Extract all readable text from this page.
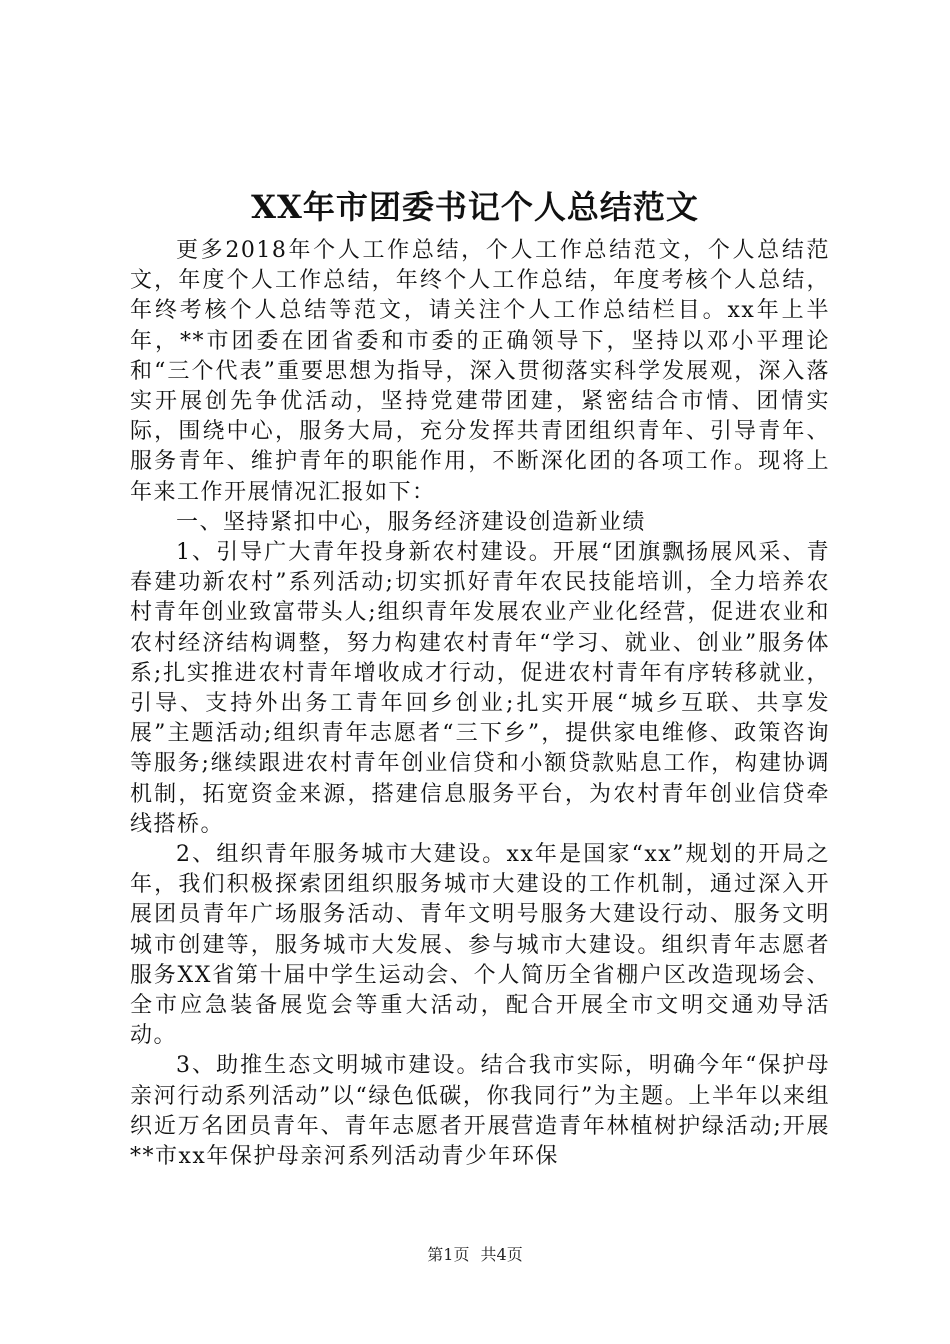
XX年市团委书记个人总结范文

更多2018年个人工作总结，个人工作总结范文，个人总结范文，年度个人工作总结，年终个人工作总结，年度考核个人总结，年终考核个人总结等范文，请关注个人工作总结栏目。xx年上半年，**市团委在团省委和市委的正确领导下，坚持以邓小平理论和“三个代表”重要思想为指导，深入贯彻落实科学发展观，深入落实开展创先争优活动，坚持党建带团建，紧密结合市情、团情实际，围绕中心，服务大局，充分发挥共青团组织青年、引导青年、服务青年、维护青年的职能作用，不断深化团的各项工作。现将上年来工作开展情况汇报如下：

一、坚持紧扣中心，服务经济建设创造新业绩

1、引导广大青年投身新农村建设。开展“团旗飘扬展风采、青春建功新农村”系列活动;切实抓好青年农民技能培训，全力培养农村青年创业致富带头人;组织青年发展农业产业化经营，促进农业和农村经济结构调整，努力构建农村青年“学习、就业、创业”服务体系;扎实推进农村青年增收成才行动，促进农村青年有序转移就业，引导、支持外出务工青年回乡创业;扎实开展“城乡互联、共享发展”主题活动;组织青年志愿者“三下乡”，提供家电维修、政策咨询等服务;继续跟进农村青年创业信贷和小额贷款贴息工作，构建协调机制，拓宽资金来源，搭建信息服务平台，为农村青年创业信贷牵线搭桥。

2、组织青年服务城市大建设。xx年是国家“xx”规划的开局之年，我们积极探索团组织服务城市大建设的工作机制，通过深入开展团员青年广场服务活动、青年文明号服务大建设行动、服务文明城市创建等，服务城市大发展、参与城市大建设。组织青年志愿者服务XX省第十届中学生运动会、个人简历全省棚户区改造现场会、全市应急装备展览会等重大活动，配合开展全市文明交通劝导活动。

3、助推生态文明城市建设。结合我市实际，明确今年“保护母亲河行动系列活动”以“绿色低碳，你我同行”为主题。上半年以来组织近万名团员青年、青年志愿者开展营造青年林植树护绿活动;开展**市xx年保护母亲河系列活动青少年环保

第1页 共4页
